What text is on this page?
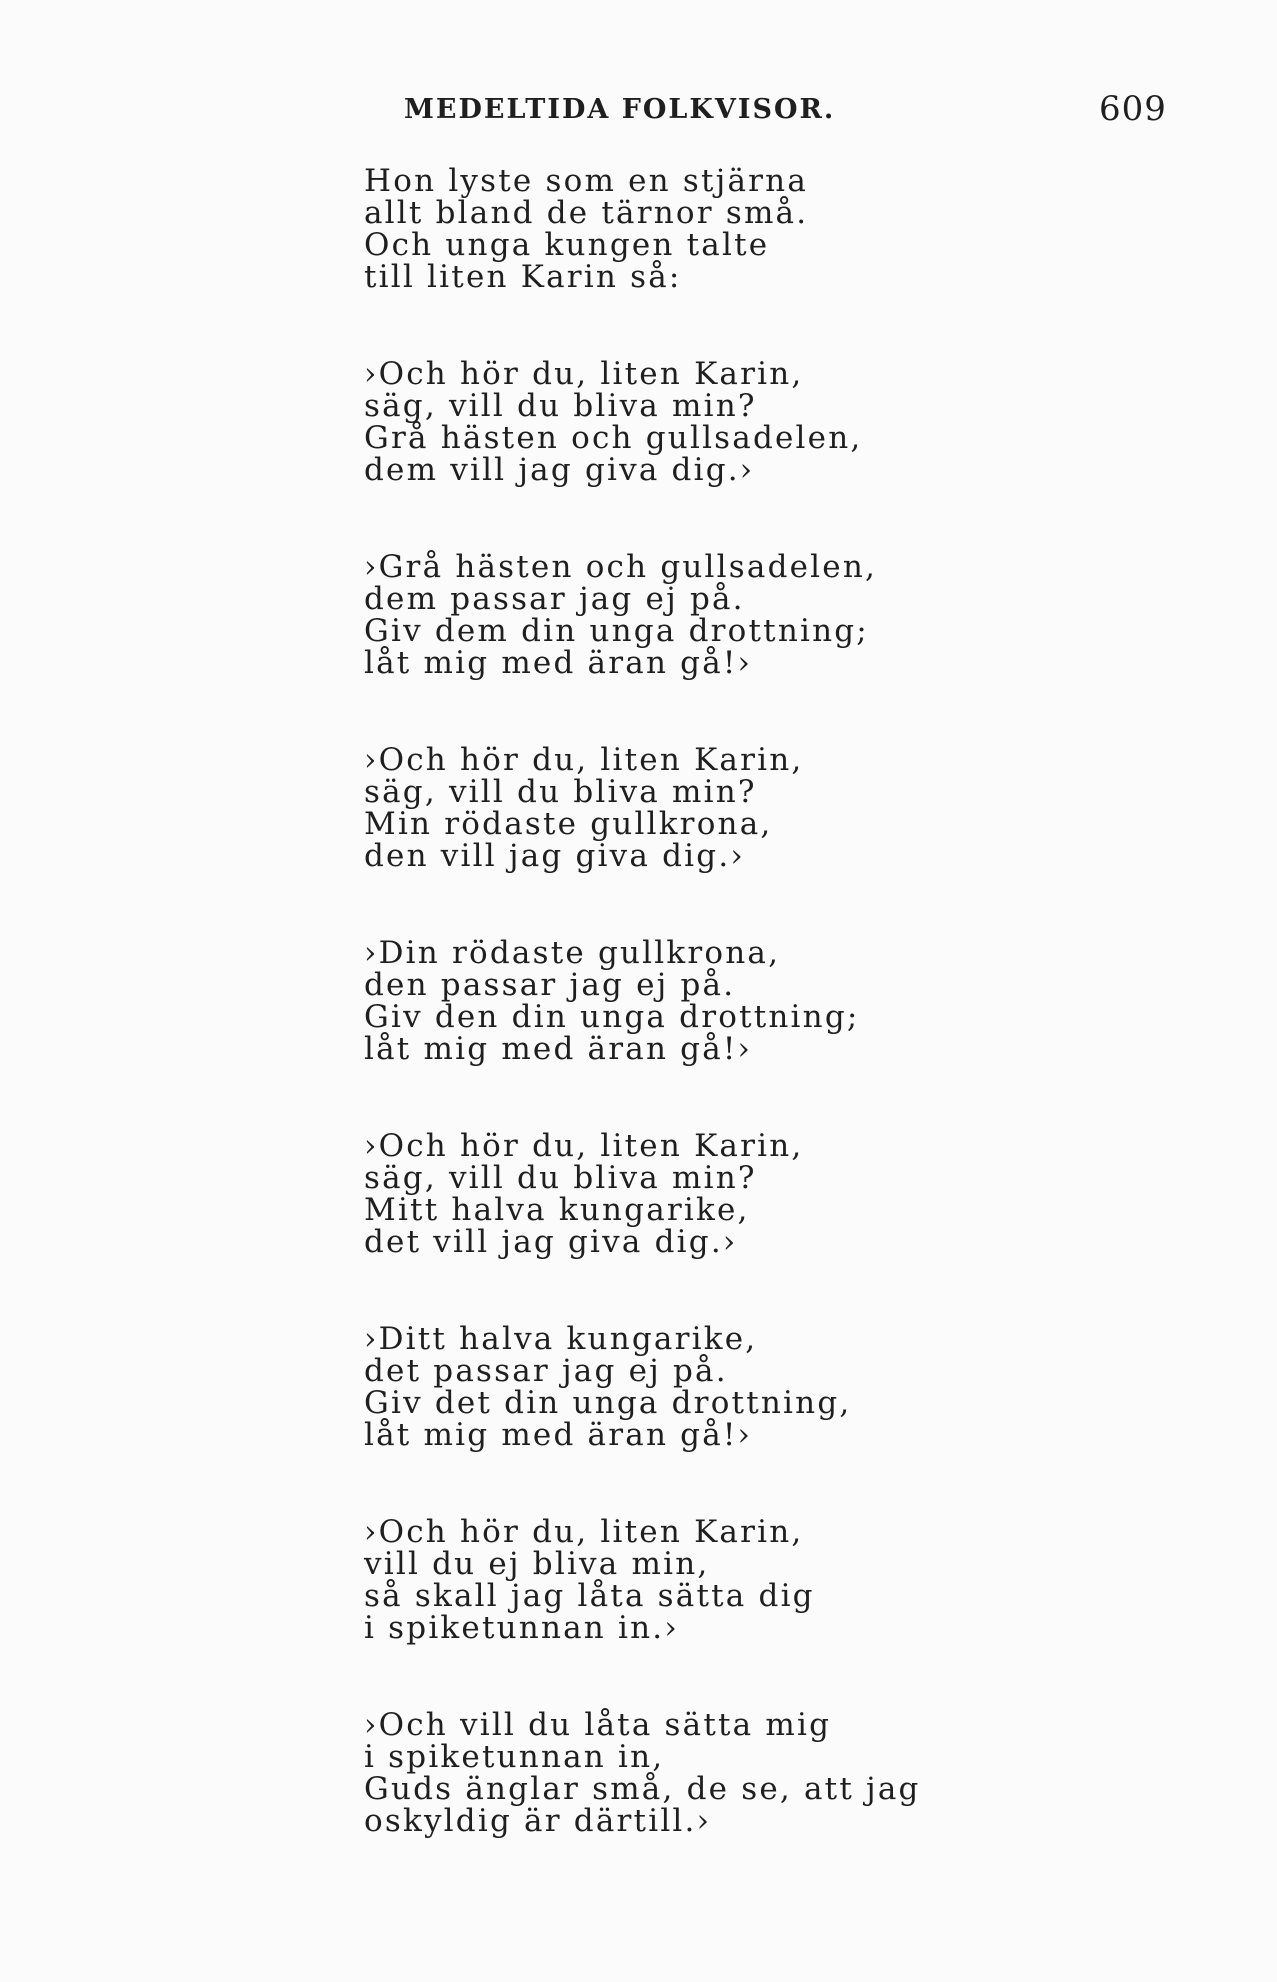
MEDELTIDA FOLKVISOR.	609
Hon lyste som en stjärna
allt bland de tärnor små.
Och unga kungen talte
till liten Karin så:
›Och hör du, liten Karin,
säg, vill du bliva min?
Grå hästen och gullsadelen,
dem vill jag giva dig.›
›Grå hästen och gullsadelen,
dem passar jag ej på.
Giv dem din unga drottning;
låt mig med äran gå!›
›Och hör du, liten Karin,
säg, vill du bliva min?
Min rödaste gullkrona,
den vill jag giva dig.›
›Din rödaste gullkrona,
den passar jag ej på.
Giv den din unga drottning;
låt mig med äran gå!›
›Och hör du, liten Karin,
säg, vill du bliva min?
Mitt halva kungarike,
det vill jag giva dig.›
›Ditt halva kungarike,
det passar jag ej på.
Giv det din unga drottning,
låt mig med äran gå!›
›Och hör du, liten Karin,
vill du ej bliva min,
så skall jag låta sätta dig
i spiketunnan in.›
›Och vill du låta sätta mig
i spiketunnan in,
Guds änglar små, de se, att jag
oskyldig är därtill.›
